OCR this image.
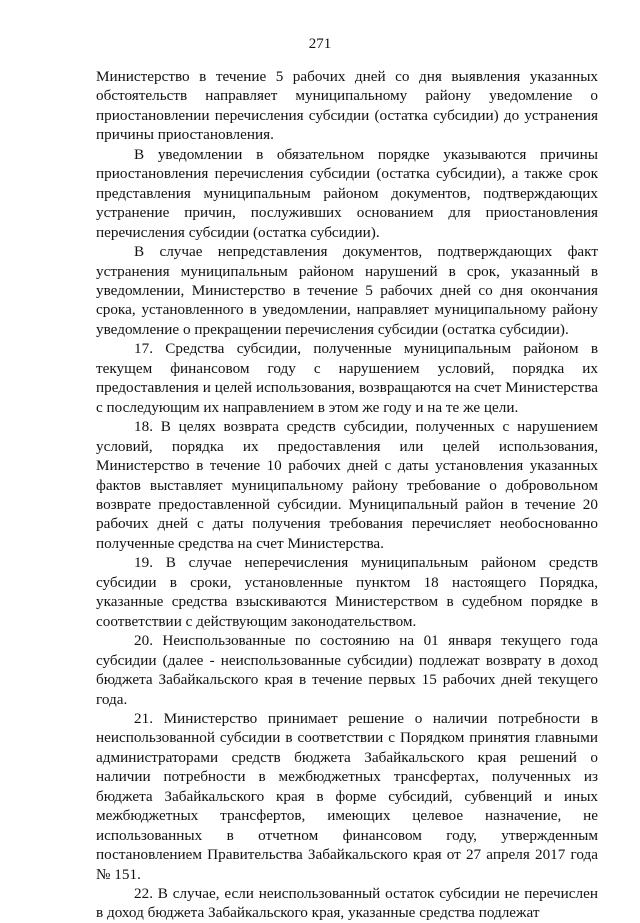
271

Министерство в течение 5 рабочих дней со дня выявления указанных обстоятельств направляет муниципальному району уведомление о приостановлении перечисления субсидии (остатка субсидии) до устранения причины приостановления.

В уведомлении в обязательном порядке указываются причины приостановления перечисления субсидии (остатка субсидии), а также срок представления муниципальным районом документов, подтверждающих устранение причин, послуживших основанием для приостановления перечисления субсидии (остатка субсидии).

В случае непредставления документов, подтверждающих факт устранения муниципальным районом нарушений в срок, указанный в уведомлении, Министерство в течение 5 рабочих дней со дня окончания срока, установленного в уведомлении, направляет муниципальному району уведомление о прекращении перечисления субсидии (остатка субсидии).

17. Средства субсидии, полученные муниципальным районом в текущем финансовом году с нарушением условий, порядка их предоставления и целей использования, возвращаются на счет Министерства с последующим их направлением в этом же году и на те же цели.

18. В целях возврата средств субсидии, полученных с нарушением условий, порядка их предоставления или целей использования, Министерство в течение 10 рабочих дней с даты установления указанных фактов выставляет муниципальному району требование о добровольном возврате предоставленной субсидии. Муниципальный район в течение 20 рабочих дней с даты получения требования перечисляет необоснованно полученные средства на счет Министерства.

19. В случае неперечисления муниципальным районом средств субсидии в сроки, установленные пунктом 18 настоящего Порядка, указанные средства взыскиваются Министерством в судебном порядке в соответствии с действующим законодательством.

20. Неиспользованные по состоянию на 01 января текущего года субсидии (далее - неиспользованные субсидии) подлежат возврату в доход бюджета Забайкальского края в течение первых 15 рабочих дней текущего года.

21. Министерство принимает решение о наличии потребности в неиспользованной субсидии в соответствии с Порядком принятия главными администраторами средств бюджета Забайкальского края решений о наличии потребности в межбюджетных трансфертах, полученных из бюджета Забайкальского края в форме субсидий, субвенций и иных межбюджетных трансфертов, имеющих целевое назначение, не использованных в отчетном финансовом году, утвержденным постановлением Правительства Забайкальского края от 27 апреля 2017 года № 151.

22. В случае, если неиспользованный остаток субсидии не перечислен в доход бюджета Забайкальского края, указанные средства подлежат
